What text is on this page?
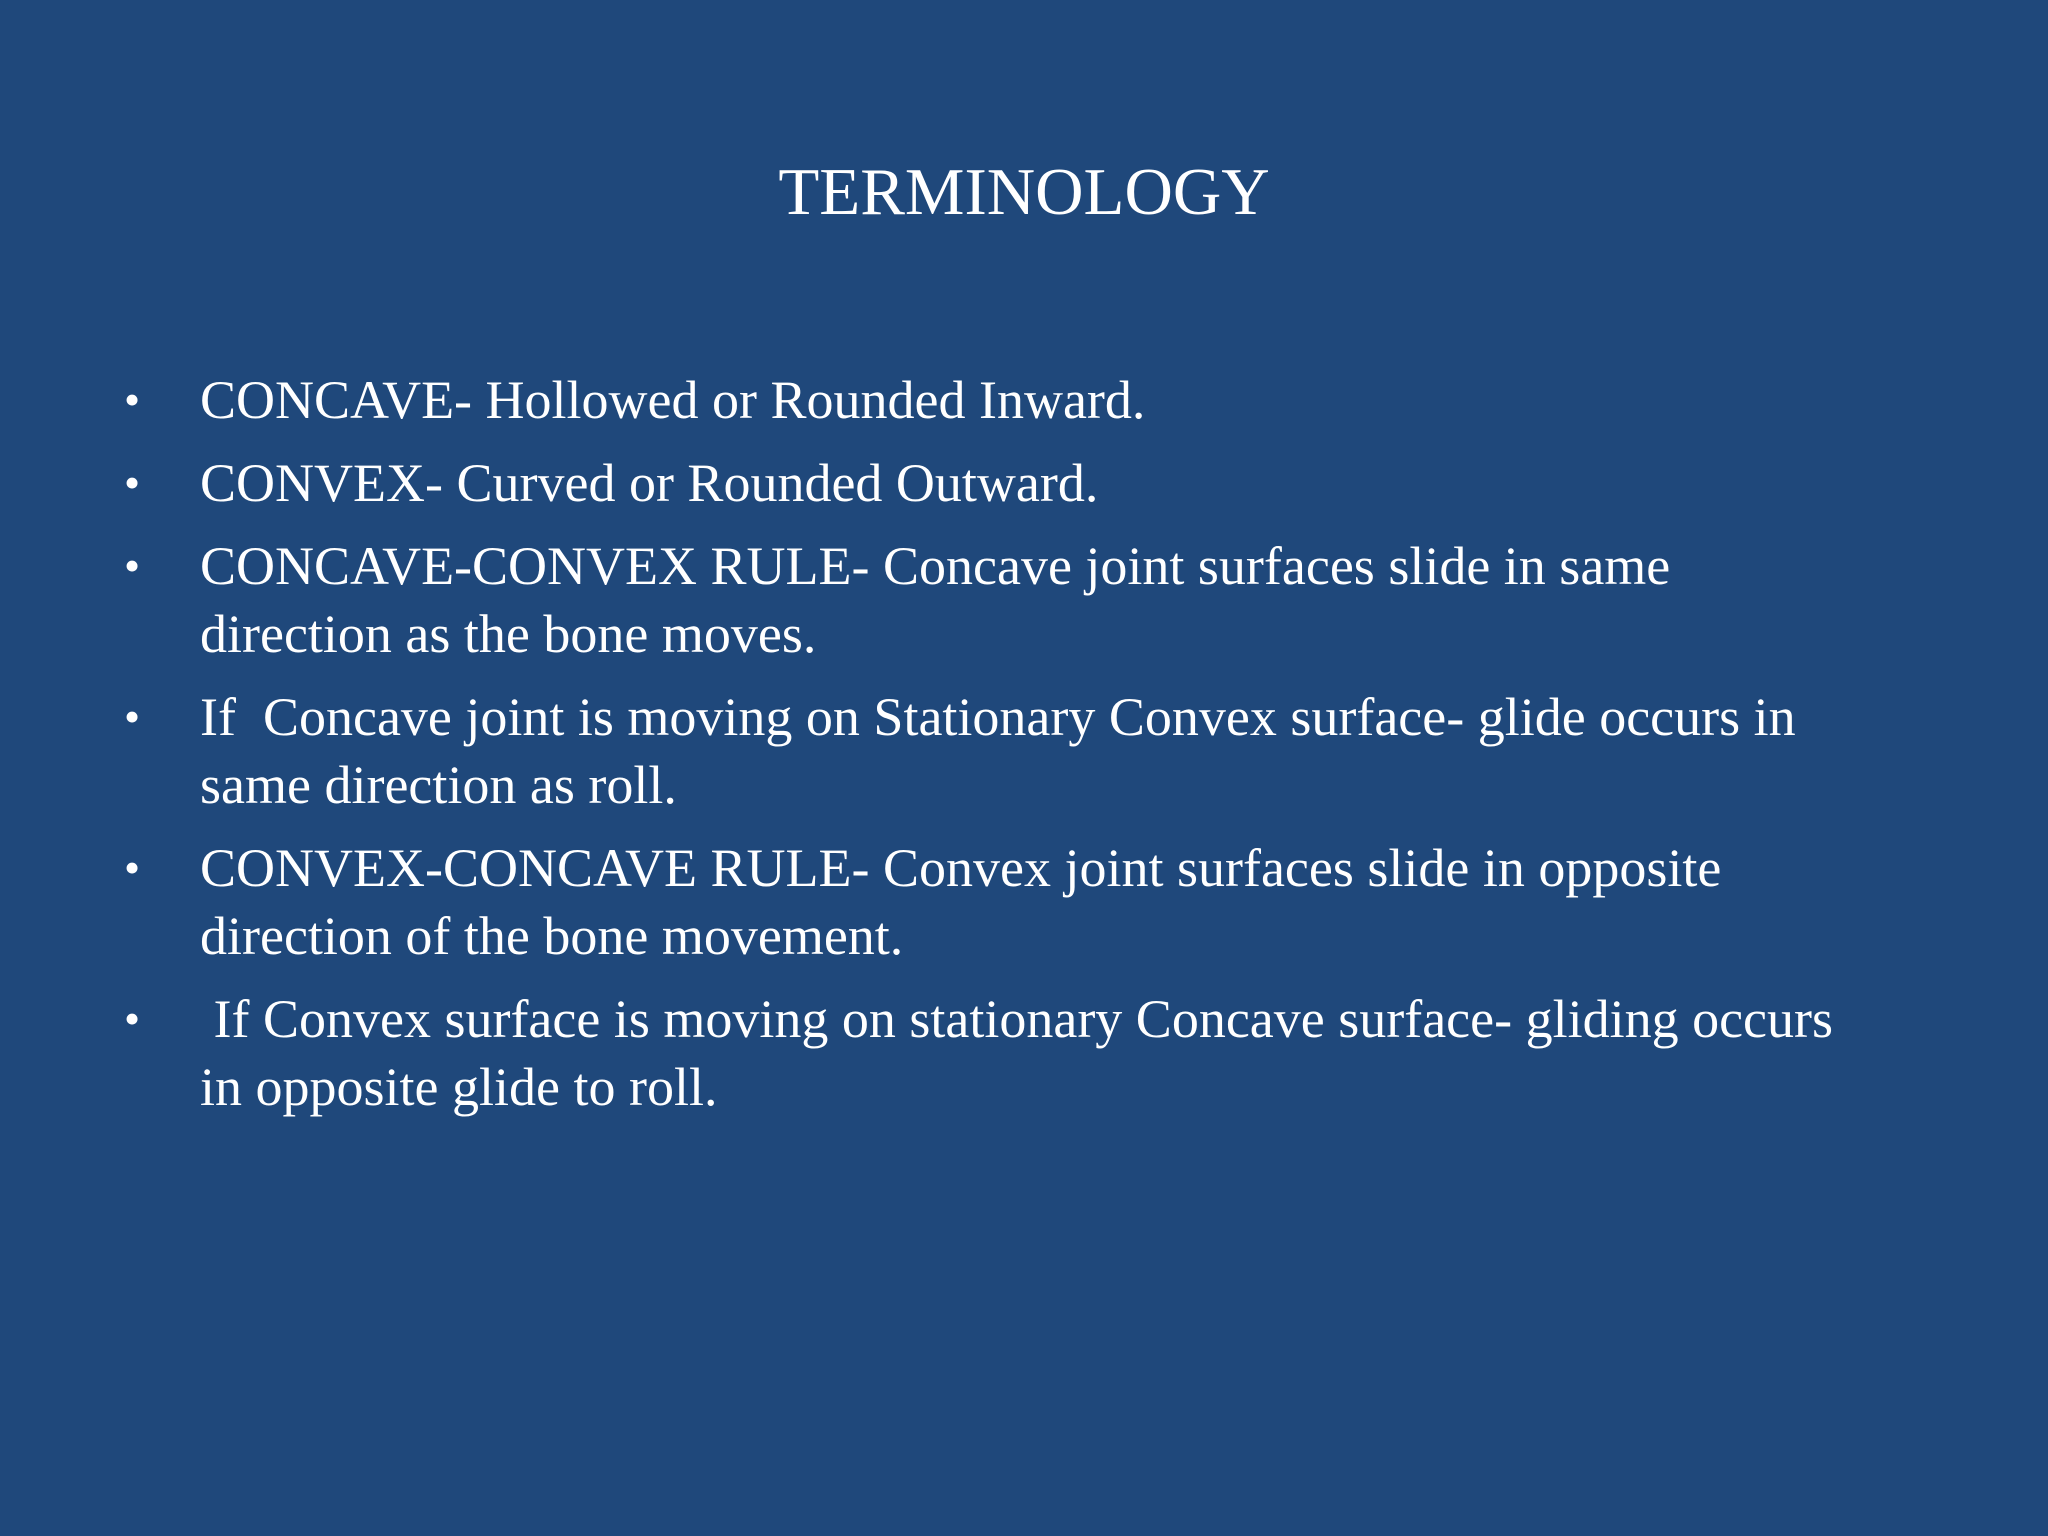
TERMINOLOGY
•	CONCAVE- Hollowed or Rounded Inward.
•	CONVEX- Curved or Rounded Outward.
•	CONCAVE-CONVEX RULE- Concave joint surfaces slide in same
direction as the bone moves.
•	If  Concave joint is moving on Stationary Convex surface- glide occurs in
same direction as roll.
•	CONVEX-CONCAVE RULE- Convex joint surfaces slide in opposite
direction of the bone movement.
•	If Convex surface is moving on stationary Concave surface- gliding occurs
in opposite glide to roll.
